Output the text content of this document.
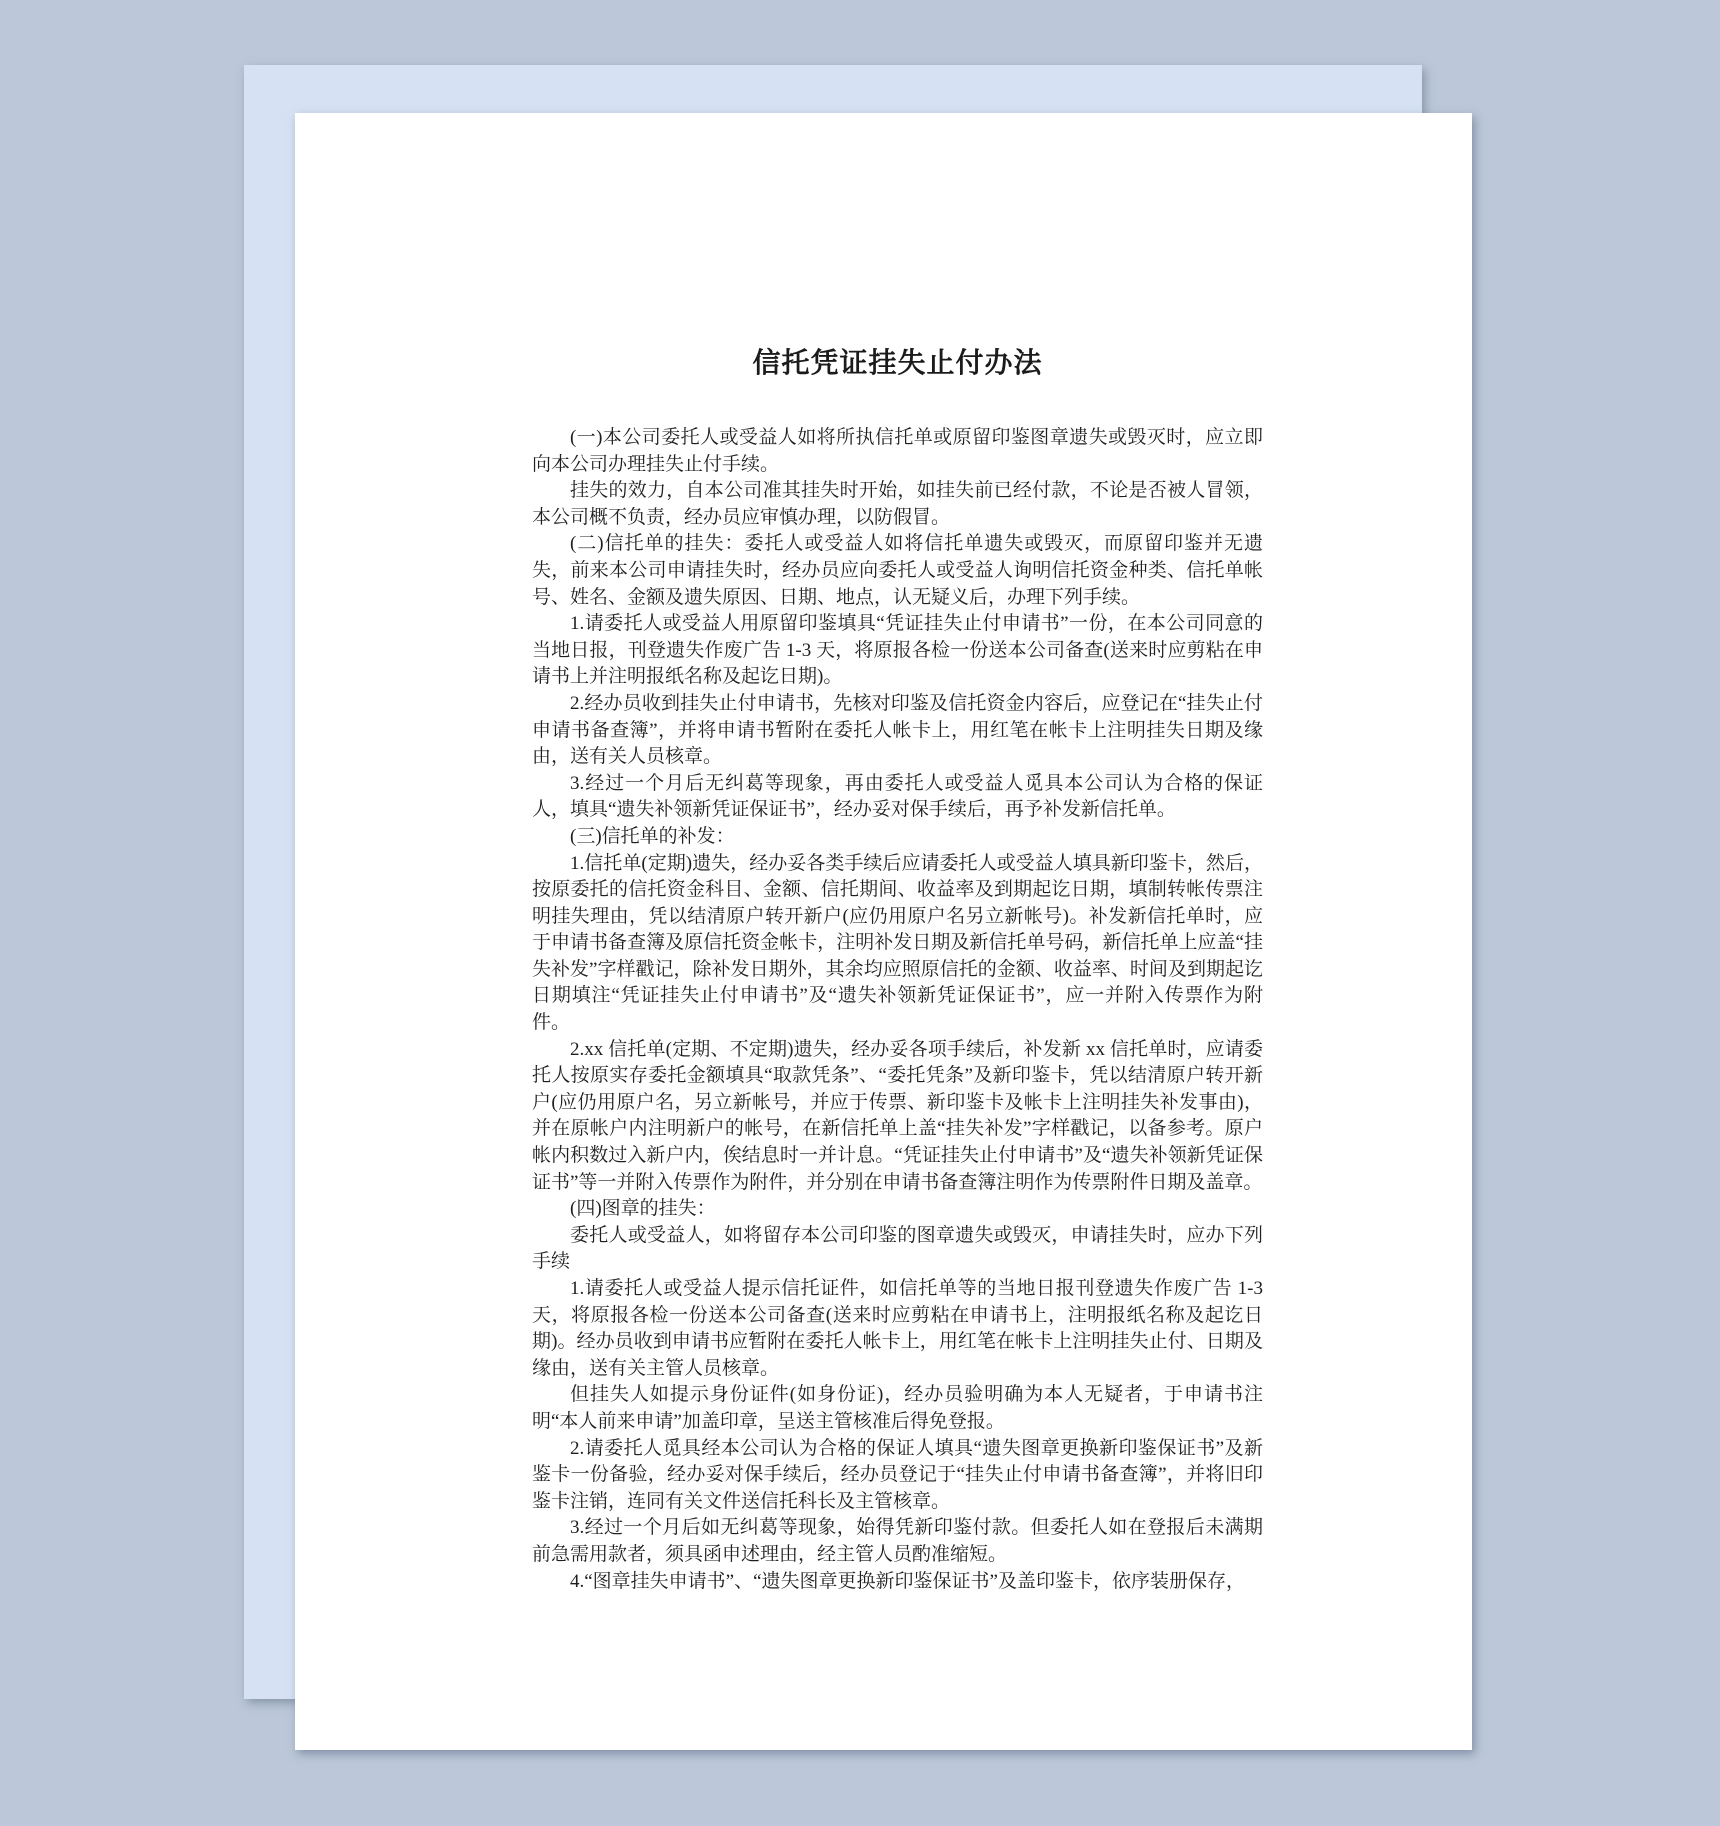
信托凭证挂失止付办法

(一)本公司委托人或受益人如将所执信托单或原留印鉴图章遗失或毁灭时，应立即向本公司办理挂失止付手续。

挂失的效力，自本公司准其挂失时开始，如挂失前已经付款，不论是否被人冒领，本公司概不负责，经办员应审慎办理，以防假冒。

(二)信托单的挂失：委托人或受益人如将信托单遗失或毁灭，而原留印鉴并无遗失，前来本公司申请挂失时，经办员应向委托人或受益人询明信托资金种类、信托单帐号、姓名、金额及遗失原因、日期、地点，认无疑义后，办理下列手续。

1.请委托人或受益人用原留印鉴填具“凭证挂失止付申请书”一份，在本公司同意的当地日报，刊登遗失作废广告 1-3 天，将原报各检一份送本公司备查(送来时应剪粘在申请书上并注明报纸名称及起讫日期)。

2.经办员收到挂失止付申请书，先核对印鉴及信托资金内容后，应登记在“挂失止付申请书备查簿”，并将申请书暂附在委托人帐卡上，用红笔在帐卡上注明挂失日期及缘由，送有关人员核章。

3.经过一个月后无纠葛等现象，再由委托人或受益人觅具本公司认为合格的保证人，填具“遗失补领新凭证保证书”，经办妥对保手续后，再予补发新信托单。

(三)信托单的补发：

1.信托单(定期)遗失，经办妥各类手续后应请委托人或受益人填具新印鉴卡，然后，按原委托的信托资金科目、金额、信托期间、收益率及到期起讫日期，填制转帐传票注明挂失理由，凭以结清原户转开新户(应仍用原户名另立新帐号)。补发新信托单时，应于申请书备查簿及原信托资金帐卡，注明补发日期及新信托单号码，新信托单上应盖“挂失补发”字样戳记，除补发日期外，其余均应照原信托的金额、收益率、时间及到期起讫日期填注“凭证挂失止付申请书”及“遗失补领新凭证保证书”，应一并附入传票作为附件。

2.xx 信托单(定期、不定期)遗失，经办妥各项手续后，补发新 xx 信托单时，应请委托人按原实存委托金额填具“取款凭条”、“委托凭条”及新印鉴卡，凭以结清原户转开新户(应仍用原户名，另立新帐号，并应于传票、新印鉴卡及帐卡上注明挂失补发事由)，并在原帐户内注明新户的帐号，在新信托单上盖“挂失补发”字样戳记，以备参考。原户帐内积数过入新户内，俟结息时一并计息。“凭证挂失止付申请书”及“遗失补领新凭证保证书”等一并附入传票作为附件，并分别在申请书备查簿注明作为传票附件日期及盖章。

(四)图章的挂失：

委托人或受益人，如将留存本公司印鉴的图章遗失或毁灭，申请挂失时，应办下列手续

1.请委托人或受益人提示信托证件，如信托单等的当地日报刊登遗失作废广告 1-3 天，将原报各检一份送本公司备查(送来时应剪粘在申请书上，注明报纸名称及起讫日期)。经办员收到申请书应暂附在委托人帐卡上，用红笔在帐卡上注明挂失止付、日期及缘由，送有关主管人员核章。

但挂失人如提示身份证件(如身份证)，经办员验明确为本人无疑者，于申请书注明“本人前来申请”加盖印章，呈送主管核准后得免登报。

2.请委托人觅具经本公司认为合格的保证人填具“遗失图章更换新印鉴保证书”及新鉴卡一份备验，经办妥对保手续后，经办员登记于“挂失止付申请书备查簿”，并将旧印鉴卡注销，连同有关文件送信托科长及主管核章。

3.经过一个月后如无纠葛等现象，始得凭新印鉴付款。但委托人如在登报后未满期前急需用款者，须具函申述理由，经主管人员酌准缩短。

4.“图章挂失申请书”、“遗失图章更换新印鉴保证书”及盖印鉴卡，依序装册保存，
